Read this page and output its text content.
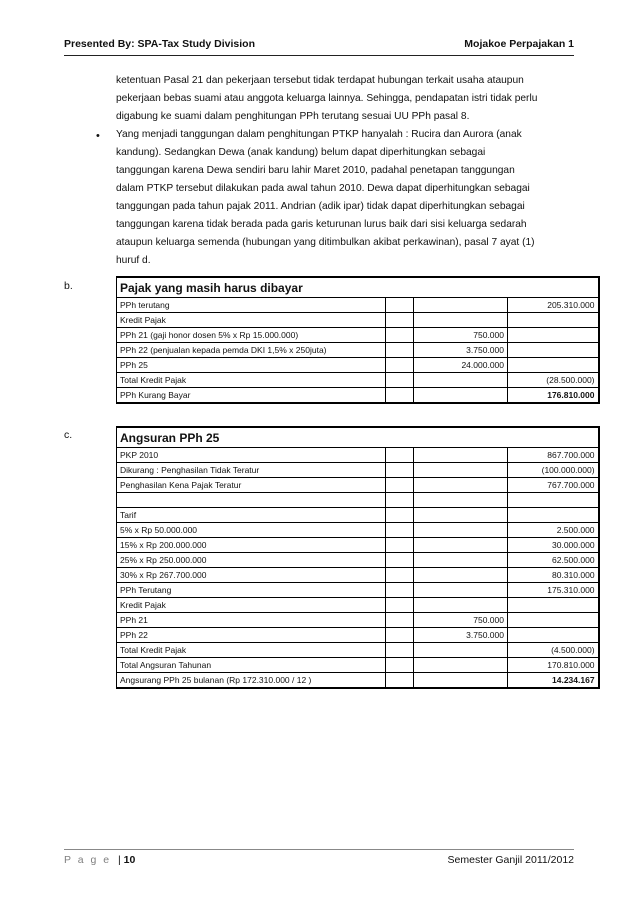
Presented By: SPA-Tax Study Division	Mojakoe Perpajakan 1
ketentuan Pasal 21 dan pekerjaan tersebut tidak terdapat hubungan terkait usaha ataupun
pekerjaan bebas suami atau anggota keluarga lainnya. Sehingga, pendapatan istri tidak perlu
digabung ke suami dalam penghitungan PPh terutang sesuai UU PPh pasal 8.
• Yang menjadi tanggungan dalam penghitungan PTKP hanyalah : Rucira dan Aurora (anak
kandung). Sedangkan Dewa (anak kandung) belum dapat diperhitungkan sebagai
tanggungan karena Dewa sendiri baru lahir Maret 2010, padahal penetapan tanggungan
dalam PTKP tersebut dilakukan pada awal tahun 2010. Dewa dapat diperhitungkan sebagai
tanggungan pada tahun pajak 2011. Andrian (adik ipar) tidak dapat diperhitungkan sebagai
tanggungan karena tidak berada pada garis keturunan lurus baik dari sisi keluarga sedarah
ataupun keluarga semenda (hubungan yang ditimbulkan akibat perkawinan), pasal 7 ayat (1)
huruf d.
b.	Pajak yang masih harus dibayar			
PPh terutang			205.310.000
Kredit Pajak			
PPh 21 (gaji honor dosen 5% x Rp 15.000.000)		750.000	
PPh 22 (penjualan kepada pemda DKI 1,5% x 250juta)		3.750.000	
PPh 25		24.000.000	
Total Kredit Pajak			(28.500.000)
PPh Kurang Bayar			176.810.000
c.	Angsuran PPh 25			
PKP 2010			867.700.000
Dikurang : Penghasilan Tidak Teratur			(100.000.000)
Penghasilan Kena Pajak Teratur			767.700.000

Tarif			
5% x Rp 50.000.000			2.500.000
15% x Rp 200.000.000			30.000.000
25% x Rp 250.000.000			62.500.000
30% x Rp 267.700.000			80.310.000
PPh Terutang			175.310.000
Kredit Pajak			
PPh 21		750.000	
PPh 22		3.750.000	
Total Kredit Pajak			(4.500.000)
Total Angsuran Tahunan			170.810.000
Angsurang PPh 25 bulanan (Rp 172.310.000 / 12 )			14.234.167
P a g e | 10	Semester Ganjil 2011/2012
